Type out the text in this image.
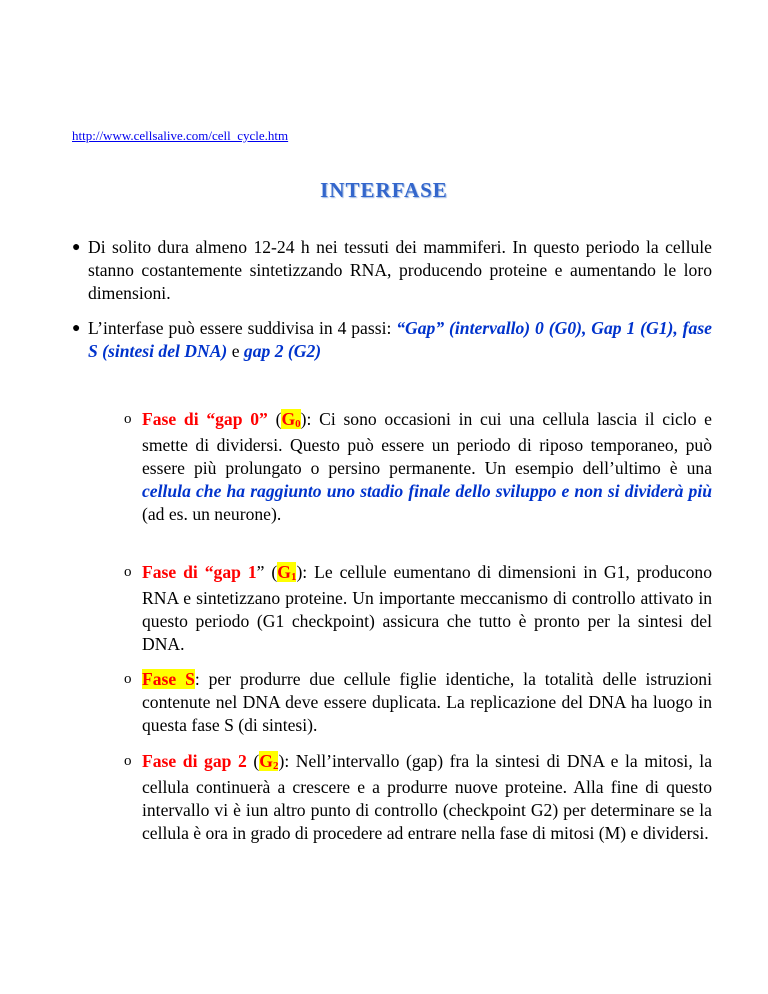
http://www.cellsalive.com/cell_cycle.htm
INTERFASE
● Di solito dura almeno 12-24 h nei tessuti dei mammiferi. In questo periodo la cellule stanno costantemente sintetizzando RNA, producendo proteine e aumentando le loro dimensioni.
● L’interfase può essere suddivisa in 4 passi: “Gap” (intervallo) 0 (G0), Gap 1 (G1), fase S (sintesi del DNA) e gap 2 (G2)
o Fase di “gap 0” $(G_0)$: Ci sono occasioni in cui una cellula lascia il ciclo e smette di dividersi. Questo può essere un periodo di riposo temporaneo, può essere più prolungato o persino permanente. Un esempio dell’ultimo è una cellula che ha raggiunto uno stadio finale dello sviluppo e non si dividerà più (ad es. un neurone).
o Fase di “gap 1” $(G_1)$: Le cellule eumentano di dimensioni in G1, producono RNA e sintetizzano proteine. Un importante meccanismo di controllo attivato in questo periodo (G1 checkpoint) assicura che tutto è pronto per la sintesi del DNA.
o Fase S: per produrre due cellule figlie identiche, la totalità delle istruzioni contenute nel DNA deve essere duplicata. La replicazione del DNA ha luogo in questa fase S (di sintesi).
o Fase di gap 2 $(G_2)$: Nell’intervallo (gap) fra la sintesi di DNA e la mitosi, la cellula continuerà a crescere e a produrre nuove proteine. Alla fine di questo intervallo vi è iun altro punto di controllo (checkpoint G2) per determinare se la cellula è ora in grado di procedere ad entrare nella fase di mitosi (M) e dividersi.
